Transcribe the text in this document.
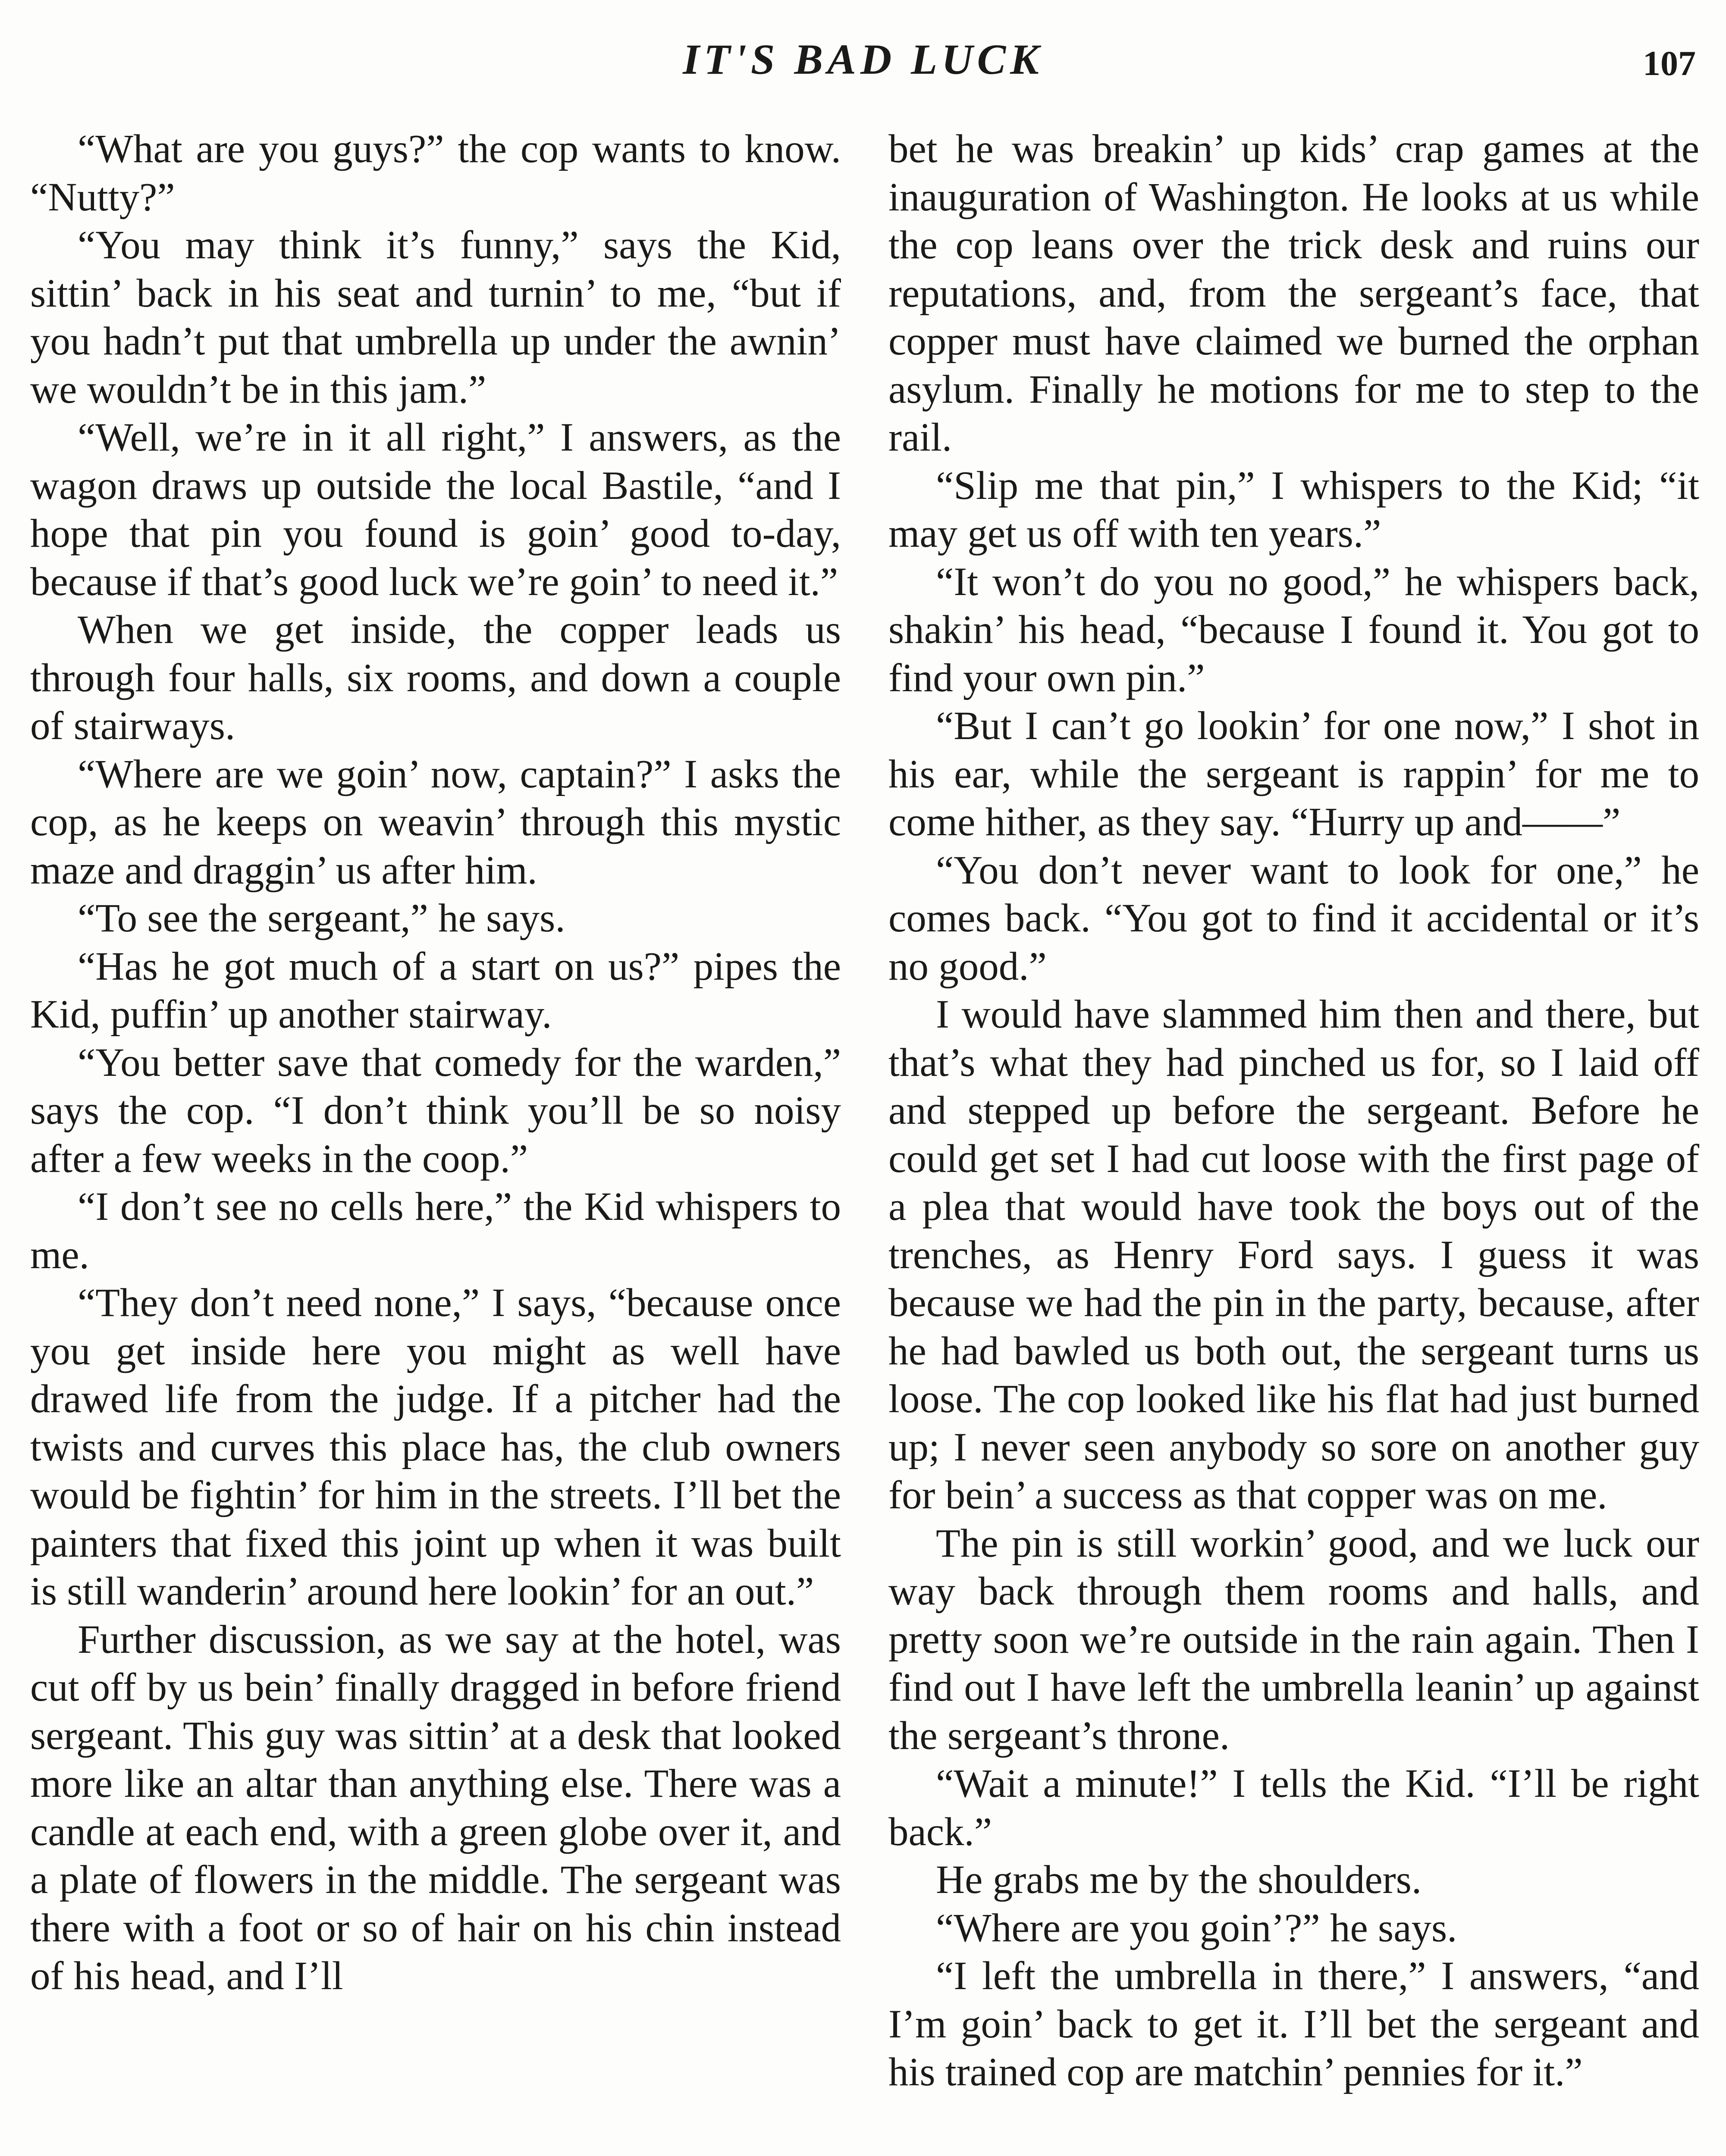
IT'S BAD LUCK	107

“What are you guys?” the cop wants to know. “Nutty?”

“You may think it’s funny,” says the Kid, sittin’ back in his seat and turnin’ to me, “but if you hadn’t put that umbrella up under the awnin’ we wouldn’t be in this jam.”

“Well, we’re in it all right,” I answers, as the wagon draws up outside the local Bastile, “and I hope that pin you found is goin’ good to-day, because if that’s good luck we’re goin’ to need it.”

When we get inside, the copper leads us through four halls, six rooms, and down a couple of stairways.

“Where are we goin’ now, captain?” I asks the cop, as he keeps on weavin’ through this mystic maze and draggin’ us after him.

“To see the sergeant,” he says.

“Has he got much of a start on us?” pipes the Kid, puffin’ up another stairway.

“You better save that comedy for the warden,” says the cop. “I don’t think you’ll be so noisy after a few weeks in the coop.”

“I don’t see no cells here,” the Kid whispers to me.

“They don’t need none,” I says, “because once you get inside here you might as well have drawed life from the judge. If a pitcher had the twists and curves this place has, the club owners would be fightin’ for him in the streets. I’ll bet the painters that fixed this joint up when it was built is still wanderin’ around here lookin’ for an out.”

Further discussion, as we say at the hotel, was cut off by us bein’ finally dragged in before friend sergeant. This guy was sittin’ at a desk that looked more like an altar than anything else. There was a candle at each end, with a green globe over it, and a plate of flowers in the middle. The sergeant was there with a foot or so of hair on his chin instead of his head, and I’ll

bet he was breakin’ up kids’ crap games at the inauguration of Washington. He looks at us while the cop leans over the trick desk and ruins our reputations, and, from the sergeant’s face, that copper must have claimed we burned the orphan asylum. Finally he motions for me to step to the rail.

“Slip me that pin,” I whispers to the Kid; “it may get us off with ten years.”

“It won’t do you no good,” he whispers back, shakin’ his head, “because I found it. You got to find your own pin.”

“But I can’t go lookin’ for one now,” I shot in his ear, while the sergeant is rappin’ for me to come hither, as they say. “Hurry up and——”

“You don’t never want to look for one,” he comes back. “You got to find it accidental or it’s no good.”

I would have slammed him then and there, but that’s what they had pinched us for, so I laid off and stepped up before the sergeant. Before he could get set I had cut loose with the first page of a plea that would have took the boys out of the trenches, as Henry Ford says. I guess it was because we had the pin in the party, because, after he had bawled us both out, the sergeant turns us loose. The cop looked like his flat had just burned up; I never seen anybody so sore on another guy for bein’ a success as that copper was on me.

The pin is still workin’ good, and we luck our way back through them rooms and halls, and pretty soon we’re outside in the rain again. Then I find out I have left the umbrella leanin’ up against the sergeant’s throne.

“Wait a minute!” I tells the Kid. “I’ll be right back.”

He grabs me by the shoulders.

“Where are you goin’?” he says.

“I left the umbrella in there,” I answers, “and I’m goin’ back to get it. I’ll bet the sergeant and his trained cop are matchin’ pennies for it.”
